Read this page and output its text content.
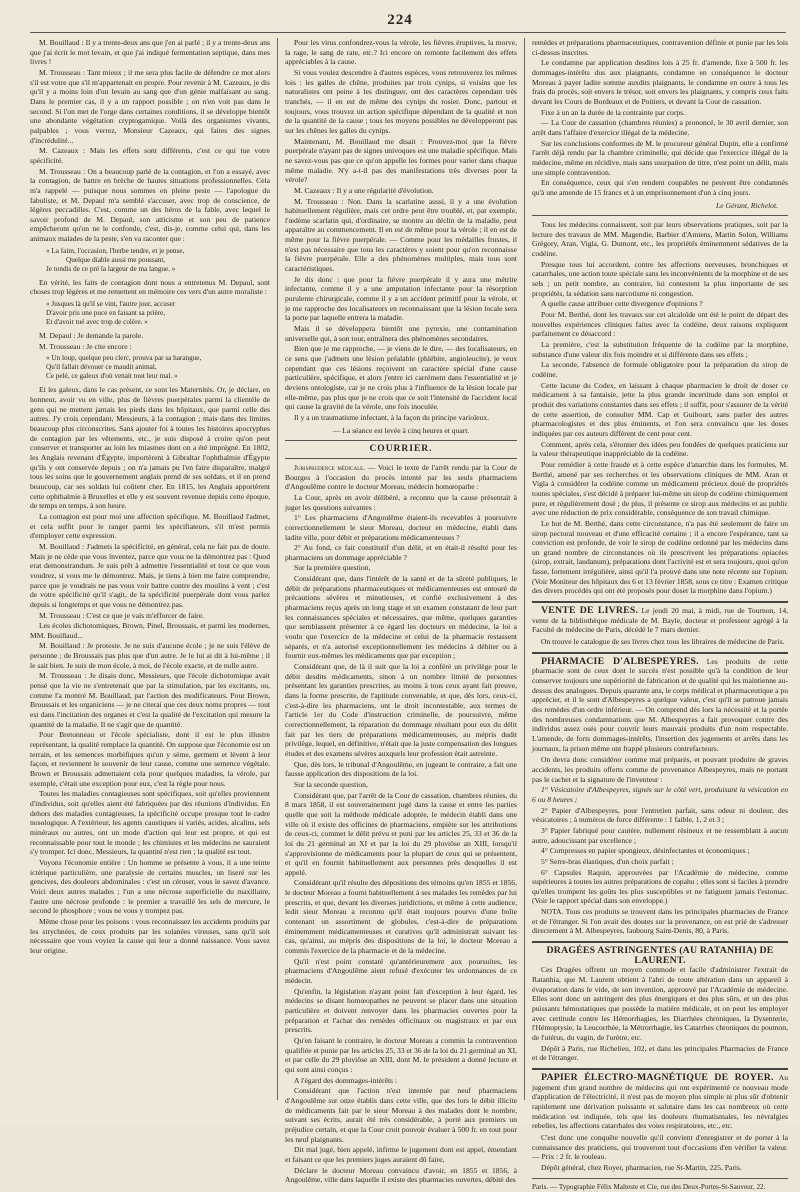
224

M. Bouillaud : Il y a trente-deux ans que j'en ai parlé ; il y a trente-deux ans que j'ai écrit le mot levain, et que j'ai indiqué fermentation septique, dans mes livres !

M. Trousseau : Tant mieux ; il me sera plus facile de défendre ce mot alors s'il est votre que s'il m'appartenait en propre. Pour revenir à M. Cazeaux, je dis qu'il y a moins loin d'un levain au sang que d'un génie malfaisant au sang. Dans le premier cas, il y a un rapport possible ; on n'en voit pas dans le second. Si l'on met de l'orge dans certaines conditions, il se développe bientôt une abondante végétation cryptogamique. Voilà des organismes vivants, palpables ; vous verrez, Monsieur Cazeaux, qui faites des signes d'incrédulité...

M. Cazeaux : Mais les effets sont différents, c'est ce qui tue votre spécificité.

M. Trousseau : On a beaucoup parlé de la contagion, et l'on a essayé, avec la contagion, de battre en brèche de hautes situations professionnelles. Cela m'a rappelé — puisque nous sommes en pleine peste — l'apologue du fabuliste, et M. Depaul m'a semblé s'accuser, avec trop de conscience, de légères peccadilles. C'est, comme un des héros de la fable, avec lequel le savoir profond de M. Depaul, son atticisme et son peu de patience empêcheront qu'on ne le confonde, c'est, dis-je, comme celui qui, dans les animaux malades de la peste, s'en va raconter que :

« La faim, l'occasion, l'herbe tendre, et je pense,
Quelque diable aussi me poussant,
Je tondis de ce pré la largeur de ma langue. »

En vérité, les faits de contagion dont nous a entretenus M. Depaul, sont choses trop légères et me remettent en mémoire ces vers d'un autre moraliste :

« Jusques là qu'il se vint, l'autre jour, accuser
D'avoir pris une puce en faisant sa prière,
Et d'avoir tué avec trop de colère. »

M. Depaul : Je demande la parole.

M. Trousseau : Je cite encore :

« Un loup, quelque peu clerc, prouva par sa harangue,
Qu'il fallait dévouer ce maudit animal,
Ce pelé, ce galeux d'où venait tout leur mal. »

Et les galeux, dans le cas présent, ce sont les Maternités. Or, je déclare, en honneur, avoir vu en ville, plus de fièvres puerpérales parmi la clientèle de gens qui ne mettent jamais les pieds dans les hôpitaux, que parmi celle des autres. J'y crois cependant, Messieurs, à la contagion ; mais dans des limites beaucoup plus circonscrites. Sans ajouter foi à toutes les histoires apocryphes de contagion par les vêtements, etc., je suis disposé à croire qu'on peut conserver et transporter au loin les miasmes dont on a été imprégné. En 1802, les Anglais revenant d'Égypte, importèrent à Gibraltar l'ophthalmie d'Égypte qu'ils y ont conservée depuis ; on n'a jamais pu l'en faire disparaître, malgré tous les soins que le gouvernement anglais prend de ses soldats, et il en prend beaucoup, car ses soldats lui coûtent cher. En 1815, les Anglais apportèrent cette ophthalmie à Bruxelles et elle y est souvent revenue depuis cette époque, de temps en temps, à son heure.

La contagion est pour moi une affection spécifique. M. Bouillaud l'admet, et cela suffit pour le ranger parmi les spécifiateurs, s'il m'est permis d'employer cette expression.

M. Bouillaud : J'admets la spécificité, en général, cela ne fait pas de doute. Mais je ne cède que vous inventez, parce que vous ne la démontrez pas : Quod erat demonstrandum. Je suis prêt à admettre l'essentialité et tout ce que vous voudrez, si vous me le démontrez. Mais, je tiens à bien me faire comprendre, parce que je voudrais ne pas vous voir battre contre des moulins à vent ; c'est de votre spécificité qu'il s'agit, de la spécificité puerpérale dont vous parlez depuis si longtemps et que vous ne démontrez pas.

M. Trousseau : C'est ce que je vais m'efforcer de faire.

Les écoles dichotomiques, Brown, Pinel, Broussais, et parmi les modernes, MM. Bouillaud...

M. Bouillaud : Je proteste. Je ne suis d'aucune école ; je ne suis l'élève de personne ; de Broussais pas plus que d'un autre. Je le lui ai dit à lui-même ; il le sait bien. Je suis de mon école, à moi, de l'école exacte, et de nulle autre.

M. Trousseau : Je disais donc, Messieurs, que l'école dichotomique avait pensé que la vie ne s'entretenait que par la stimulation, par les excitants, ou, comme l'a montré M. Bouillaud, par l'action des modificateurs. Pour Brown, Broussais et les organiciens — je ne citerai que ces deux noms propres — tout est dans l'incitation des organes et c'est la qualité de l'excitation qui mesure la quantité de la maladie. Il ne s'agit que de quantité.

Pour Bretonneau et l'école spécialiste, dont il est le plus illustre représentant, la qualité remplace la quantité. On suppose que l'économie est un terrain, et les semences morbifiques qu'on y sème, germent et lèvent à leur façon, et reviennent le souvenir de leur cause, comme une semence végétale. Brown et Broussais admettaient cela pour quelques maladies, la vérole, par exemple, c'était une exception pour eux, c'est la règle pour nous.

Toutes les maladies contagieuses sont spécifiques, soit qu'elles proviennent d'individus, soit qu'elles aient été fabriquées par des réunions d'individus. En dehors des maladies contagieuses, la spécificité occupe presque tout le cadre nosologique. A l'extérieur, les agents caustiques si variés, acides, alcalins, sels minéraux ou autres, ont un mode d'action qui leur est propre, et qui est reconnaissable pour tout le monde ; les chimistes et les médecins ne sauraient s'y tromper. Ici donc, Messieurs, la quantité n'est rien ; la qualité est tout.

Voyons l'économie entière : Un homme se présente à vous, il a une teinte ictérique particulière, une paralysie de certains muscles, un liseré sur les gencives, des douleurs abdominales : c'est un céruser, vous le savez d'avance. Voici deux autres malades ; l'un a une nécrose superficielle du maxillaire, l'autre une nécrose profonde : le premier a travaillé les sels de mercure, le second le phosphore ; vous ne vous y trompez pas.

Même chose pour les poisons : vous reconnaissez les accidents produits par les strychnées, de ceux produits par les solanées vireuses, sans qu'il soit nécessaire que vous voyiez la cause qui leur a donné naissance. Vous savez leur origine.

Pour les virus confondrez-vous la vérole, les fièvres éruptives, la morve, la rage, le sang de rate, etc.? Ici encore on remonte facilement des effets appréciables à la cause.

Si vous voulez descendre à d'autres espèces, vous retrouverez les mêmes lois : les galles de chêne, produites par trois cynips, si voisins que les naturalistes ont peine à les distinguer, ont des caractères cependant très tranchés, — il en est de même des cynips du rosier. Donc, partout et toujours, vous trouvez un action spécifique dépendant de la qualité et non de la quantité de la cause ; tous les moyens possibles ne développeront pas sur les chênes les galles du cynips.

Maintenant, M. Bouillaud me disait : Prouvez-moi que la fièvre puerpérale n'ayant pas de signes univoques est une maladie spécifique. Mais ne savez-vous pas que ce qu'on appelle les formes pour varier dans chaque même maladie. N'y a-t-il pas des manifestations très diverses pour la vérole?

M. Cazeaux : Il y a une régularité d'évolution.

M. Trousseau : Non. Dans la scarlatine aussi, il y a une évolution habituellement régulière, mais cet ordre peut être troublé, et, par exemple, l'œdème scarlatin qui, d'ordinaire, se montre au déclin de la maladie, peut apparaître au commencement. Il en est de même pour la vérole ; il en est de même pour la fièvre puerpérale. — Comme pour les médailles frustes, il n'est pas nécessaire que tous les caractères y soient pour qu'on reconnaisse la fièvre puerpérale. Elle a des phénomènes multiples, mais tous sont caractéristiques.

Je dis donc : que pour la fièvre puerpérale il y aura une métrite infectante, comme il y a une amputation infectante pour la résorption purulente chirurgicale, comme il y a un accident primitif pour la vérole, et je me rapproche des localisateurs en reconnaissant que la lésion locale sera la porte par laquelle entrera la maladie.

Mais il se développera bientôt une pyrexie, une contamination universelle qui, à son tour, entraînera des phénomènes secondaires.

Bien que je me rapproche, — je viens de le dire, — des localisateurs, en ce sens que j'admets une lésion préalable (phlébite, angioleucite), je veux cependant que ces lésions reçoivent un caractère spécial d'une cause particulière, spécifique, et alors j'entre ici carrément dans l'essentialité et je deviens ontologiste, car je ne crois plus à l'influence de la lésion locale par elle-même, pas plus que je ne crois que ce soit l'intensité de l'accident local qui cause la gravité de la vérole, une fois inoculée.

Il y a un traumatisme infectant, à la façon du principe varioleux.

— La séance est levée à cinq heures et quart.
COURRIER.

Jurisprudence médicale. — Voici le texte de l'arrêt rendu par la Cour de Bourges à l'occasion du procès intenté par les seuls pharmaciens d'Angoulême contre le docteur Moreau, médecin homœopathe :

La Cour, après en avoir délibéré, a reconnu que la cause présentait à juger les questions suivantes :

1° Les pharmaciens d'Angoulême étaient-ils recevables à poursuivre correctionnellement le sieur Moreau, docteur en médecine, établi dans ladite ville, pour débit et préparations médicamenteuses ?

2° Au fond, ce fait constitutif d'un délit, et en était-il résulté pour les pharmaciens un dommage appréciable ?

Sur la première question,

Considérant que, dans l'intérêt de la santé et de la sûreté publiques, le débit de préparations pharmaceutiques et médicamenteuses est entouré de précautions sévères et minutieuses, et confié exclusivement à des pharmaciens reçus après un long stage et un examen constatant de leur part les connaissances spéciales et nécessaires, que même, quelques garanties que semblassent présenter à ce égard les docteurs en médecine, la loi a voulu que l'exercice de la médecine et celui de la pharmacie restassent séparés, et n'a autorisé exceptionnellement les médecins à débiter ou à fournir eux-mêmes les médicaments que par exception ;

Considérant que, de là il suit que la loi a conféré un privilège pour le débit desdits médicaments, sinon à un nombre limité de personnes présentant les garanties prescrites, au moins à tous ceux ayant fait preuve, dans la forme prescrite, de l'aptitude convenable, et que, dès lors, ceux-ci, c'est-à-dire les pharmaciens, ont le droit incontestable, aux termes de l'article 1er du Code d'instruction criminelle, de poursuivre, même correctionnellement, la réparation du dommage résultant pour eux du délit fait par les tiers de préparations médicamenteuses, au mépris dudit privilège, lequel, en définitive, n'était que la juste compensation des longues études et des examens sévères auxquels leur profession était astreinte.

Que, dès lors, le tribunal d'Angoulême, en jugeant le contraire, a fait une fausse application des dispositions de la loi.

Sur la seconde question,

Considérant que, par l'arrêt de la Cour de cassation, chambres réunies, du 8 mars 1858, il est souverainement jugé dans la cause et entre les parties quelle que soit la méthode médicale adoptée, le médecin établi dans une ville où il existe des officines de pharmaciens, empiète sur les attributions de ceux-ci, commet le délit prévu et puni par les articles 25, 33 et 36 de la loi du 21 germinal an XI et par la loi du 29 pluviôse an XIII, lorsqu'il s'approvisionne de médicaments pour la plupart de ceux qui se présentent, et qu'il en fournit habituellement aux personnes près desquelles il est appelé.

Considérant qu'il résulte des dépositions des témoins qu'en 1855 et 1856, le docteur Moreau a fourni habituellement à ses malades les remèdes par lui prescrits, et que, devant les diverses juridictions, et même à cette audience, ledit sieur Moreau a reconnu qu'il était toujours pourvu d'une boîte contenant un assortiment de globules, c'est-à-dire de préparations éminemment médicamenteuses et curatives qu'il administrait suivant les cas, qu'ainsi, au mépris des dispositions de la loi, le docteur Moreau a commis l'exercice de la pharmacie et de la médecine.

Qu'il n'est point constaté qu'antérieurement aux poursuites, les pharmaciens d'Angoulême aient refusé d'exécuter les ordonnances de ce médecin.

Qu'enfin, la législation n'ayant point fait d'exception à leur égard, les médecins se disant homœopathes ne peuvent se placer dans une situation particulière et doivent renvoyer dans les pharmacies ouvertes pour la préparation et l'achat des remèdes officinaux ou magistraux et par eux prescrits.

Qu'en faisant le contraire, le docteur Moreau a commis la contravention qualifiée et punie par les articles 25, 33 et 36 de la loi du 21 germinal an XI, et par celle du 29 pluviôse an XIII, dont M. le président a donné lecture et qui sont ainsi conçus :

A l'égard des dommages-intérêts :

Considérant que l'action n'est intentée par neuf pharmaciens d'Angoulême sur onze établis dans cette ville, que des lors le débit illicite de médicaments fait par le sieur Moreau à des malades dont le nombre, suivant ses écrits, aurait été très considérable, à porté aux premiers un préjudice certain, et que la Cour croit pouvoir évaluer à 500 fr. en tout pour les neuf plaignants.

Dit mal jugé, bien appelé, infirme le jugement dont est appel, émendant et faisant ce que les premiers juges auraient dû faire,

Déclare le docteur Moreau convaincu d'avoir, en 1855 et 1856, à Angoulême, ville dans laquelle il existe des pharmacies ouvertes, débité des

remèdes et préparations pharmaceutiques, contravention définie et punie par les lois ci-dessus inscrites.

Le condamne par application desdites lois à 25 fr. d'amende, fixe à 500 fr. les dommages-intérêts dus aux plaignants, condamne en conséquence le docteur Moreau à payer ladite somme auxdits plaignants, le condamne en outre à tous les frais du procès, soit envers le trésor, soit envers les plaignants, y compris ceux faits devant les Cours de Bordeaux et de Poitiers, et devant la Cour de cassation.

Fixe à un an la durée de la contrainte par corps.

— La Cour de cassation (chambres réunies) a prononcé, le 30 avril dernier, son arrêt dans l'affaire d'exercice illégal de la médecine.

Sur les conclusions conformes de M. le procureur général Dupin, elle a confirmé l'arrêt déjà rendu par la chambre criminelle, qui décide que l'exercice illégal de la médecine, même en récidive, mais sans usurpation de titre, n'est point un délit, mais une simple contravention.

En conséquence, ceux qui s'en rendent coupables ne peuvent être condamnés qu'à une amende de 15 francs et à un emprisonnement d'un à cinq jours.

Le Gérant, Richelot.

Tous les médecins connaissent, soit par leurs observations pratiques, soit par la lecture des travaux de MM. Magendie, Barbier d'Amiens, Martin Solon, Williams Grégory, Aran, Vigla, G. Dumont, etc., les propriétés éminemment sédatives de la codéine.

Presque tous lui accordent, contre les affections nerveuses, bronchiques et catarrhales, une action toute spéciale sans les inconvénients de la morphine et de ses sels ; un petit nombre, au contraire, lui contestent la plus importante de ses propriétés, la sédation sans narcotisme ni congestion.

A quelle cause attribuer cette divergence d'opinions ?

Pour M. Berthé, dont les travaux sur cet alcaloïde ont été le point de départ des nouvelles expériences cliniques faites avec la codéine, deux raisons expliquent parfaitement ce désaccord :

La première, c'est la substitution fréquente de la codéine par la morphine, substance d'une valeur dix fois moindre et si différente dans ses effets ;

La seconde, l'absence de formule obligatoire pour la préparation du sirop de codéine.

Cette lacune du Codex, en laissant à chaque pharmacien le droit de doser ce médicament à sa fantaisie, jette la plus grande incertitude dans son emploi et produit des variations constantes dans ses effets ; il suffit, pour s'assurer de la vérité de cette assertion, de consulter MM. Cap et Guibourt, sans parler des autres pharmacologistes et des plus éminents, et l'on sera convaincu que les doses indiquées par ces auteurs diffèrent de cent pour cent.

Comment, après cela, s'étonner des idées peu fondées de quelques praticiens sur la valeur thérapeutique inappréciable de la codéine.

Pour remédier à cette fraude et à cette espèce d'anarchie dans les formules, M. Berthé, amené par ses recherches et les observations cliniques de MM. Aran et Vigla à considérer la codéine comme un médicament précieux doué de propriétés toutes spéciales, s'est décidé à préparer lui-même un sirop de codéine chimiquement pure, et régulièrement dosé ; de plus, il présente ce sirop aux médecins et au public avec une réduction de prix considérable, conséquence de son travail chimique.

Le but de M. Berthé, dans cette circonstance, n'a pas été seulement de faire un sirop pectoral nouveau et d'une efficacité certaine ; il a encore l'espérance, tant sa conviction est profonde, de voir le sirop de codéine ordonné par les médecins dans un grand nombre de circonstances où ils prescrivent les préparations opiacées (sirop, extrait, laudanum), préparations dont l'activité est et sera toujours, quoi qu'on fasse, fortement irrégulière, ainsi qu'il l'a prouvé dans une note récente sur l'opium. (Voir Moniteur des hôpitaux des 6 et 13 février 1858, sous ce titre : Examen critique des divers procédés qui ont été proposés pour doser la morphine dans l'opium.)

VENTE DE LIVRES. Le jeudi 20 mai, à midi, rue de Tournon, 14, vente de la bibliothèque médicale de M. Bayle, docteur et professeur agrégé à la Faculté de médecine de Paris, décédé le 7 mars dernier.

On trouve le catalogue de ses livres chez tous les libraires de médecine de Paris.

PHARMACIE D'ALBESPEYRES. Les produits de cette pharmacie sont de ceux dont le succès n'est possible qu'à la condition de leur conserver toujours une supériorité de fabrication et de qualité qui les maintienne au-dessus des analogues. Depuis quarante ans, le corps médical et pharmaceutique a pu apprécier, et il le sont d'Albespeyres a quelque valeur, c'est qu'il se patroue jamais des remèdes d'un ordre inférieur. — On comprend dès lors la nécessité et la portée des nombreuses condamnations que M. Albespeyres a fait provoquer contre des individus assez osés pour couvrir leurs mauvais produits d'un nom respectable. L'amende, de forts dommages-intérêts, l'insertion des jugements et arrêts dans les journaux, la prison même ont frappé plusieurs contrefacteurs.

On devra donc considérer comme mal préparés, et pouvant produire de graves accidents, les produits offerts comme de provenance Albespeyres, mais ne portant pas le cachet et la signature de l'inventeur :

1° Vésicatoire d'Albespeyres, signés sur le côté vert, produisant la vésication en 6 ou 8 heures ;

2° Papier d'Albespeyres, pour l'entretien parfait, sans odeur ni douleur, des vésicatoires ; à numéros de force différente : 1 faible, 1, 2 et 3 ;

3° Papier fabriqué pour cautère, nullement résineux et ne ressemblant à aucun autre, adoucissant par excellence ;

4° Compresses en papier spongieux, désinfectantes et économiques ;

5° Serre-bras élastiques, d'un choix parfait ;

6° Capsules Raquin, approuvées par l'Académie de médecine, comme supérieures à toutes les autres préparations de copahu ; elles sont si faciles à prendre qu'elles trompent les goûts les plus susceptibles et ne fatiguent jamais l'estomac. (Voir le rapport spécial dans son enveloppe.)

NOTA. Tous ces produits se trouvent dans les principales pharmacies de France et de l'étranger. Si l'on avait des doutes sur la provenance, on est prié de s'adresser directement à M. Albespeyres, faubourg Saint-Denis, 80, à Paris.

DRAGÉES ASTRINGENTES (AU RATANHIA) DE LAURENT.

Ces Dragées offrent un moyen commode et facile d'administrer l'extrait de Ratanhia, que M. Laurent obtient à l'abri de toute altération dans un appareil à évaporation dans le vide, de son invention, approuvé par l'Académie de médecine. Elles sont donc un astringent des plus énergiques et des plus sûrs, et un des plus puissants hémostatiques que possède la matière médicale, et on peut les employer avec certitude contre les Hémorrhagies, les Diarrhées chroniques, la Dysenterie, l'Hémoptysie, la Leucorrhée, la Métrorrhagie, les Catarrhes chroniques du poumon, de l'utérus, du vagin, de l'urètre, etc.

Dépôt à Paris, rue Richelieu, 102, et dans les principales Pharmacies de France et de l'étranger.

PAPIER ÉLECTRO-MAGNÉTIQUE DE ROYER. Au jugement d'un grand nombre de médecins qui ont expérimenté ce nouveau mode d'application de l'électricité, il n'est pas de moyen plus simple ni plus sûr d'obtenir rapidement une dérivation puissante et salutaire dans les cas nombreux où cette médication est indiquée, tels que les douleurs rhumatismales, les névralgies rebelles, les affections catarrhales des voies respiratoires, etc., etc.

C'est donc une conquête nouvelle qu'il convient d'enregistrer et de porter à la connaissance des praticiens, qui trouveront tout d'occasions d'en vérifier la valeur. — Prix : 2 fr. le rouleau.

Dépôt général, chez Royer, pharmacien, rue St-Martin, 225, Paris.

Paris. — Typographie Félix Malteste et Cie, rue des Deux-Portes-St-Sauveur, 22.
